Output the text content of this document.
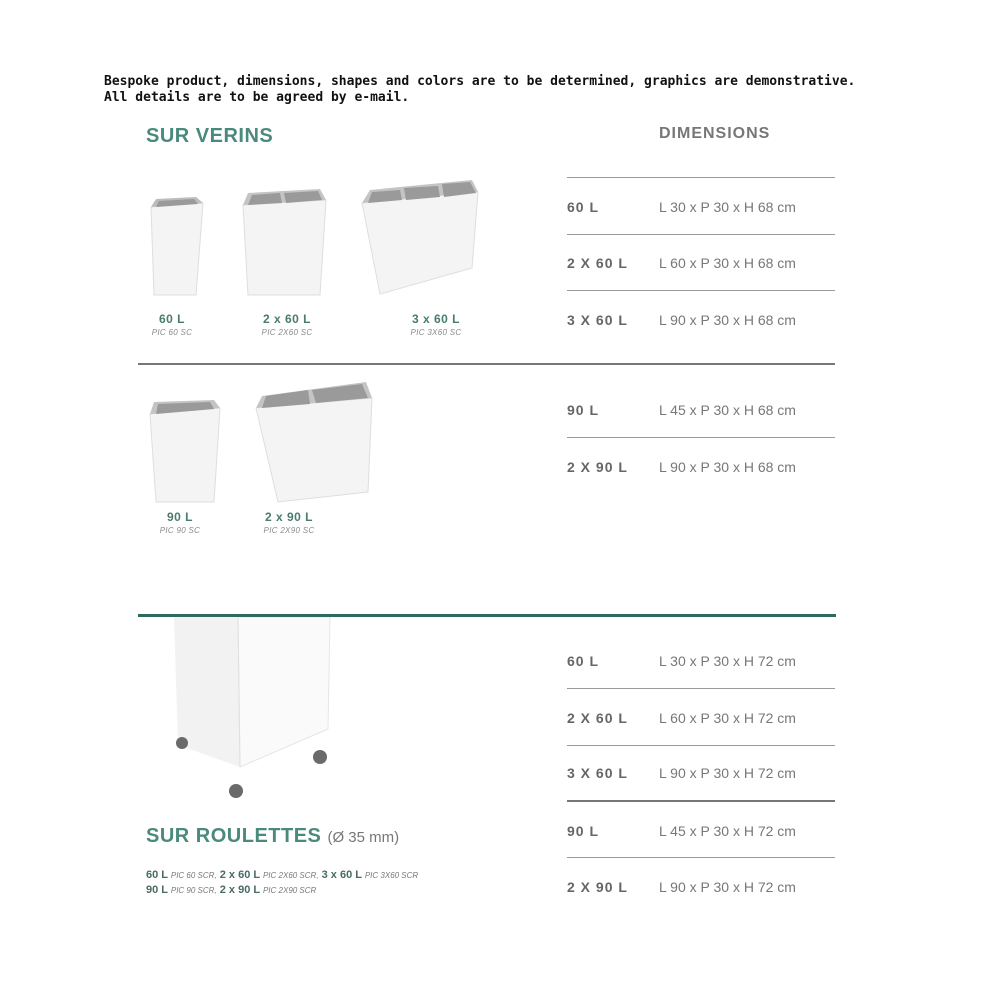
Bespoke product, dimensions, shapes and colors are to be determined, graphics are demonstrative. All details are to be agreed by e-mail.
SUR VERINS	DIMENSIONS
60 L
PIC 60 SC
2 x 60 L
PIC 2X60 SC
3 x 60 L
PIC 3X60 SC
60 L	L 30 x P 30 x H 68 cm
2 X 60 L L 60 x P 30 x H 68 cm
3 X 60 L L 90 x P 30 x H 68 cm
90 L	L 45 x P 30 x H 68 cm
2 X 90 L L 90 x P 30 x H 68 cm
90 L
PIC 90 SC
2 x 90 L
PIC 2X90 SC
60 L	L 30 x P 30 x H 72 cm
2 X 60 L L 60 x P 30 x H 72 cm
3 X 60 L L 90 x P 30 x H 72 cm
90 L	L 45 x P 30 x H 72 cm
2 X 90 L L 90 x P 30 x H 72 cm
SUR ROULETTES (Ø 35 mm)
60 L PIC 60 SCR, 2 x 60 L PIC 2X60 SCR, 3 x 60 L PIC 3X60 SCR
90 L PIC 90 SCR, 2 x 90 L PIC 2X90 SCR
